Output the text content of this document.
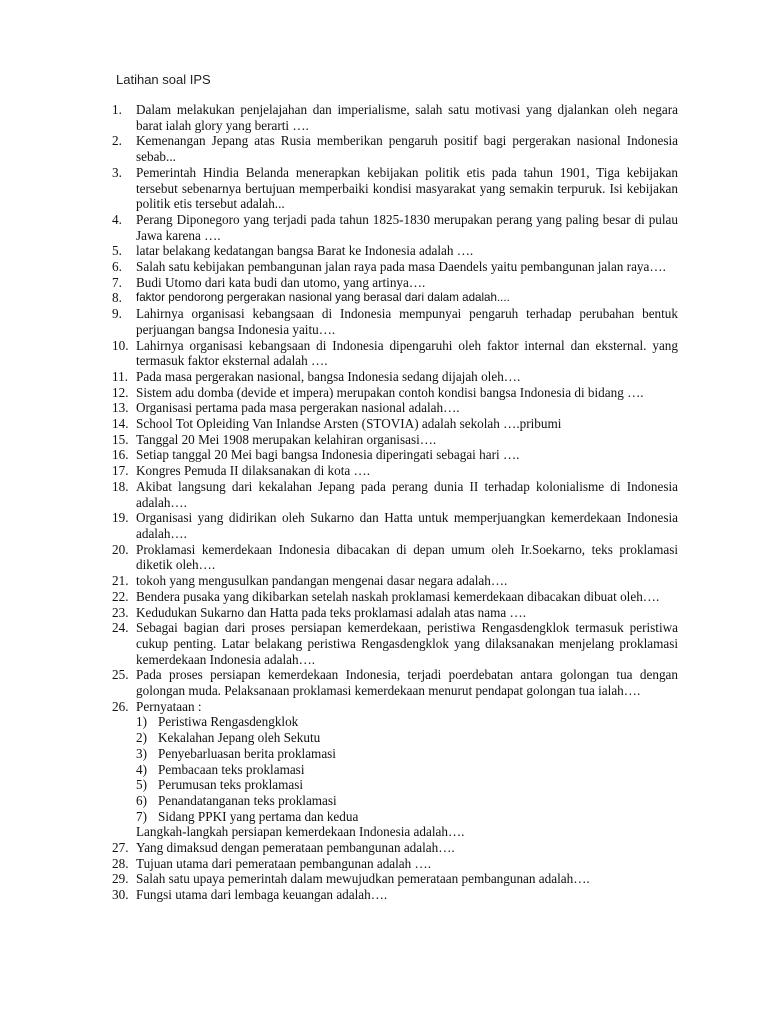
Latihan soal IPS
1.	Dalam melakukan penjelajahan dan imperialisme, salah satu motivasi yang djalankan oleh negara barat ialah glory yang berarti ….
2.	Kemenangan Jepang atas Rusia memberikan pengaruh positif bagi pergerakan nasional Indonesia sebab...
3.	Pemerintah Hindia Belanda menerapkan kebijakan politik etis pada tahun 1901, Tiga kebijakan tersebut sebenarnya bertujuan memperbaiki kondisi masyarakat yang semakin terpuruk. Isi kebijakan politik etis tersebut adalah...
4.	Perang Diponegoro yang terjadi pada tahun 1825-1830 merupakan perang yang paling besar di pulau Jawa karena ….
5.	latar belakang kedatangan bangsa Barat ke Indonesia adalah ….
6.	Salah satu kebijakan pembangunan jalan raya pada masa Daendels yaitu pembangunan jalan raya….
7.	Budi Utomo dari kata budi dan utomo, yang artinya….
8.	faktor pendorong pergerakan nasional yang berasal dari dalam adalah....
9.	Lahirnya organisasi kebangsaan di Indonesia mempunyai pengaruh terhadap perubahan bentuk perjuangan bangsa Indonesia yaitu….
10. Lahirnya organisasi kebangsaan di Indonesia dipengaruhi oleh faktor internal dan eksternal. yang termasuk faktor eksternal adalah ….
11. Pada masa pergerakan nasional, bangsa Indonesia sedang dijajah oleh….
12. Sistem adu domba (devide et impera) merupakan contoh kondisi bangsa Indonesia di bidang ….
13. Organisasi pertama pada masa pergerakan nasional adalah….
14. School Tot Opleiding Van Inlandse Arsten (STOVIA) adalah sekolah ….pribumi
15. Tanggal 20 Mei 1908 merupakan kelahiran organisasi….
16. Setiap tanggal 20 Mei bagi bangsa Indonesia diperingati sebagai hari ….
17. Kongres Pemuda II dilaksanakan di kota ….
18. Akibat langsung dari kekalahan Jepang pada perang dunia II terhadap kolonialisme di Indonesia adalah….
19. Organisasi yang didirikan oleh Sukarno dan Hatta untuk memperjuangkan kemerdekaan Indonesia adalah….
20. Proklamasi kemerdekaan Indonesia dibacakan di depan umum oleh Ir.Soekarno, teks proklamasi diketik oleh….
21. tokoh yang mengusulkan pandangan mengenai dasar negara adalah….
22. Bendera pusaka yang dikibarkan setelah naskah proklamasi kemerdekaan dibacakan dibuat oleh….
23. Kedudukan Sukarno dan Hatta pada teks proklamasi adalah atas nama ….
24. Sebagai bagian dari proses persiapan kemerdekaan, peristiwa Rengasdengklok termasuk peristiwa cukup penting. Latar belakang peristiwa Rengasdengklok yang dilaksanakan menjelang proklamasi kemerdekaan Indonesia adalah….
25. Pada proses persiapan kemerdekaan Indonesia, terjadi poerdebatan antara golongan tua dengan golongan muda. Pelaksanaan proklamasi kemerdekaan menurut pendapat golongan tua ialah….
26. Pernyataan :
1) Peristiwa Rengasdengklok
2) Kekalahan Jepang oleh Sekutu
3) Penyebarluasan berita proklamasi
4) Pembacaan teks proklamasi
5) Perumusan teks proklamasi
6) Penandatanganan teks proklamasi
7) Sidang PPKI yang pertama dan kedua
Langkah-langkah persiapan kemerdekaan Indonesia adalah….
27. Yang dimaksud dengan pemerataan pembangunan adalah….
28. Tujuan utama dari pemerataan pembangunan adalah ….
29. Salah satu upaya pemerintah dalam mewujudkan pemerataan pembangunan adalah….
30. Fungsi utama dari lembaga keuangan adalah….
